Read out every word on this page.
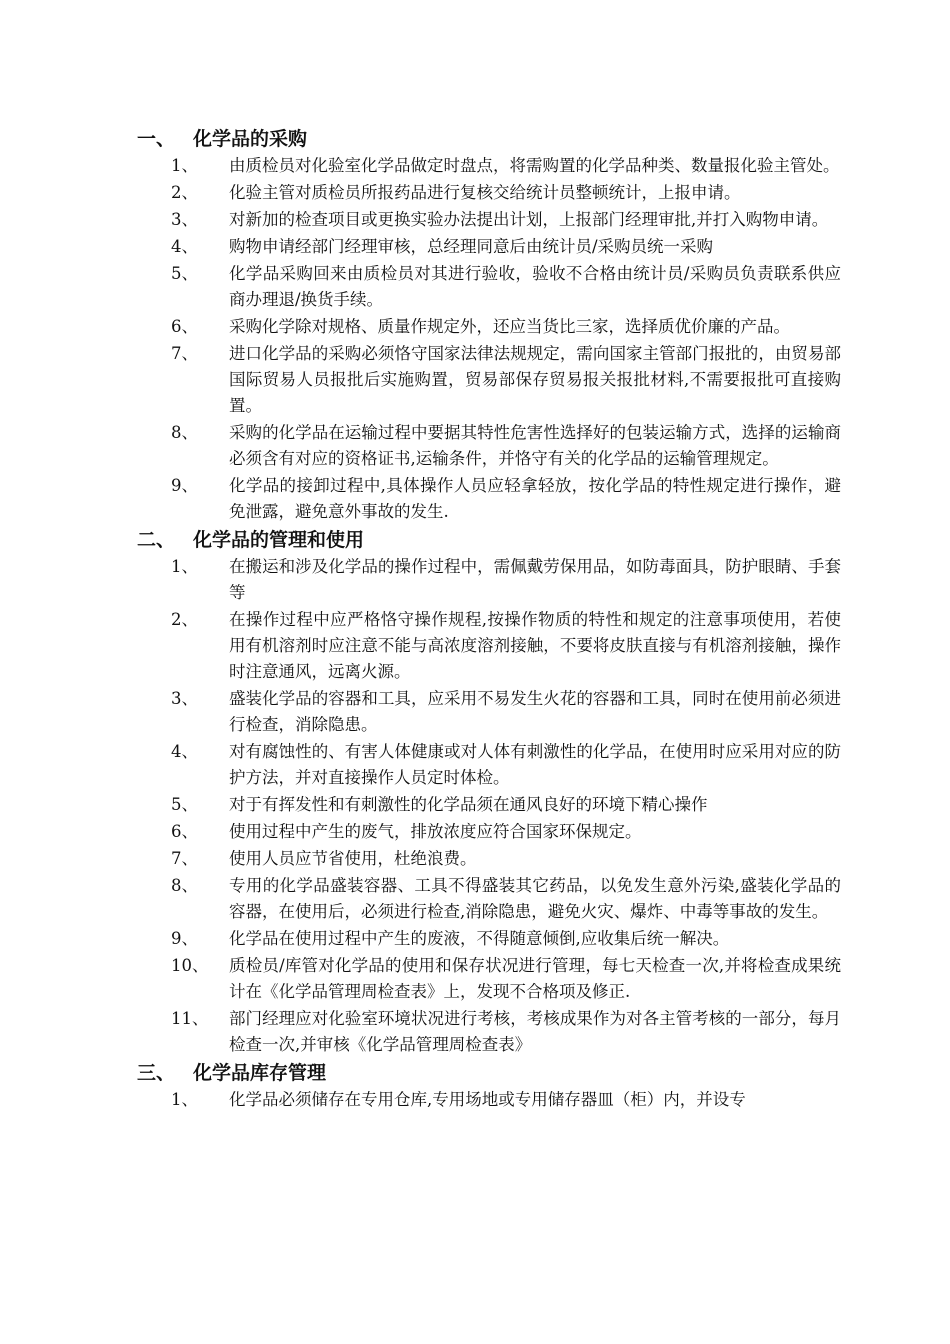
一、 化学品的采购
1、	由质检员对化验室化学品做定时盘点，将需购置的化学品种类、数量报化验主管处。
2、	化验主管对质检员所报药品进行复核交给统计员整顿统计，上报申请。
3、	对新加的检查项目或更换实验办法提出计划，上报部门经理审批,并打入购物申请。
4、	购物申请经部门经理审核，总经理同意后由统计员/采购员统一采购
5、	化学品采购回来由质检员对其进行验收，验收不合格由统计员/采购员负责联系供应商办理退/换货手续。
6、	采购化学除对规格、质量作规定外，还应当货比三家，选择质优价廉的产品。
7、	进口化学品的采购必须恪守国家法律法规规定，需向国家主管部门报批的，由贸易部国际贸易人员报批后实施购置，贸易部保存贸易报关报批材料,不需要报批可直接购置。
8、	采购的化学品在运输过程中要据其特性危害性选择好的包装运输方式，选择的运输商必须含有对应的资格证书,运输条件，并恪守有关的化学品的运输管理规定。
9、	化学品的接卸过程中,具体操作人员应轻拿轻放，按化学品的特性规定进行操作，避免泄露，避免意外事故的发生.
二、 化学品的管理和使用
1、	在搬运和涉及化学品的操作过程中，需佩戴劳保用品，如防毒面具，防护眼睛、手套等
2、	在操作过程中应严格恪守操作规程,按操作物质的特性和规定的注意事项使用，若使用有机溶剂时应注意不能与高浓度溶剂接触，不要将皮肤直接与有机溶剂接触，操作时注意通风，远离火源。
3、	盛装化学品的容器和工具，应采用不易发生火花的容器和工具，同时在使用前必须进行检查，消除隐患。
4、	对有腐蚀性的、有害人体健康或对人体有刺激性的化学品，在使用时应采用对应的防护方法，并对直接操作人员定时体检。
5、	对于有挥发性和有刺激性的化学品须在通风良好的环境下精心操作
6、	使用过程中产生的废气，排放浓度应符合国家环保规定。
7、	使用人员应节省使用，杜绝浪费。
8、	专用的化学品盛装容器、工具不得盛装其它药品，以免发生意外污染,盛装化学品的容器，在使用后，必须进行检查,消除隐患，避免火灾、爆炸、中毒等事故的发生。
9、	化学品在使用过程中产生的废液，不得随意倾倒,应收集后统一解决。
10、	质检员/库管对化学品的使用和保存状况进行管理，每七天检查一次,并将检查成果统计在《化学品管理周检查表》上，发现不合格项及修正.
11、	部门经理应对化验室环境状况进行考核，考核成果作为对各主管考核的一部分，每月检查一次,并审核《化学品管理周检查表》
三、 化学品库存管理
1、	化学品必须储存在专用仓库,专用场地或专用储存器皿（柜）内，并设专
